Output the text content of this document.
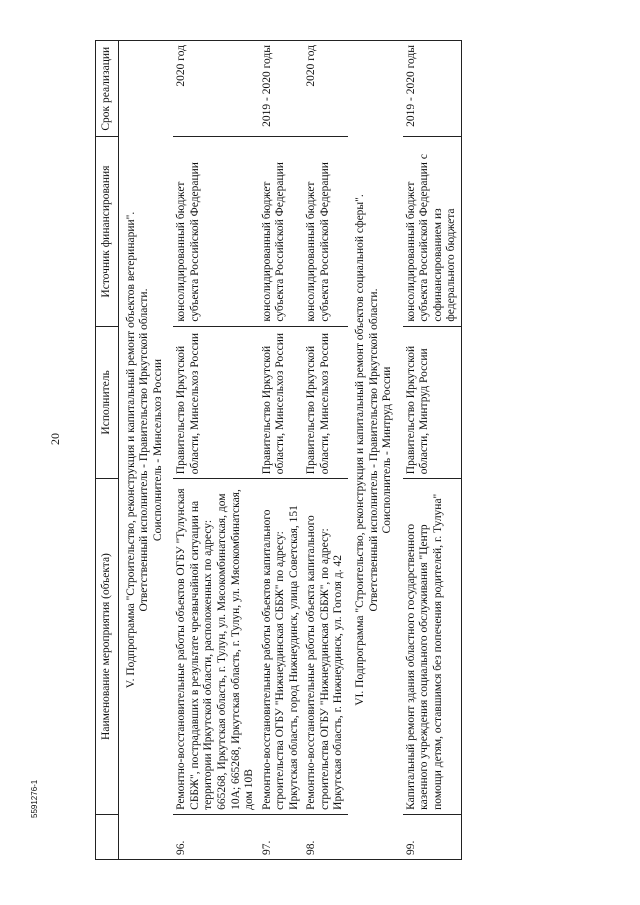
20
5591276-1
	Наименование мероприятия (объекта)	Исполнитель	Источник финансирования	Срок реализации

V. Подпрограмма "Строительство, реконструкция и капитальный ремонт объектов ветеринарии". Ответственный исполнитель - Правительство Иркутской области. Соисполнитель - Минсельхоз России				

96.	Ремонтно-восстановительные работы объектов ОГБУ "Тулунская СББЖ", пострадавших в результате чрезвычайной ситуации на территории Иркутской области, расположенных по адресу: 665268, Иркутская область, г. Тулун, ул. Мясокомбинатская, дом 10А; 665268, Иркутская область, г. Тулун, ул. Мясокомбинатская, дом 10В	Правительство Иркутской области, Минсельхоз России	консолидированный бюджет субъекта Российской Федерации	2020 год
97.	Ремонтно-восстановительные работы объектов капитального строительства ОГБУ "Нижнеудинская СББЖ" по адресу: Иркутская область, город Нижнеудинск, улица Советская, 151	Правительство Иркутской области, Минсельхоз России	консолидированный бюджет субъекта Российской Федерации	2019 - 2020 годы
98.	Ремонтно-восстановительные работы объекта капитального строительства ОГБУ "Нижнеудинская СББЖ", по адресу: Иркутская область, г. Нижнеудинск, ул. Гоголя д. 42	Правительство Иркутской области, Минсельхоз России	консолидированный бюджет субъекта Российской Федерации	2020 год

VI. Подпрограмма "Строительство, реконструкция и капитальный ремонт объектов социальной сферы". Ответственный исполнитель - Правительство Иркутской области. Соисполнитель - Минтруд России				

99.	Капитальный ремонт здания областного государственного казенного учреждения социального обслуживания "Центр помощи детям, оставшимся без попечения родителей, г. Тулуна"	Правительство Иркутской области, Минтруд России	консолидированный бюджет субъекта Российской Федерации с софинансированием из федерального бюджета	2019 - 2020 годы
